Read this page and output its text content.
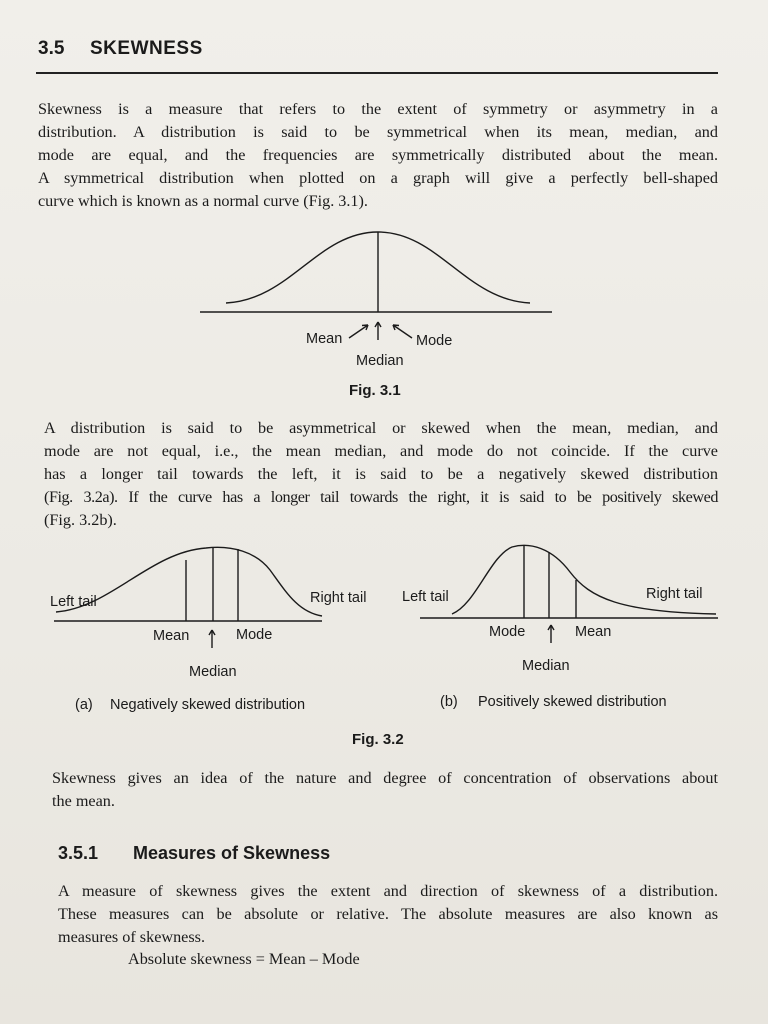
3.5 SKEWNESS
Skewness is a measure that refers to the extent of symmetry or asymmetry in a
distribution. A distribution is said to be symmetrical when its mean, median, and
mode are equal, and the frequencies are symmetrically distributed about the mean.
A symmetrical distribution when plotted on a graph will give a perfectly bell-shaped
curve which is known as a normal curve (Fig. 3.1).
Mean	Mode
Median
Fig. 3.1
A distribution is said to be asymmetrical or skewed when the mean, median, and
mode are not equal, i.e., the mean median, and mode do not coincide. If the curve
has a longer tail towards the left, it is said to be a negatively skewed distribution
(Fig. 3.2a). If the curve has a longer tail towards the right, it is said to be positively skewed
(Fig. 3.2b).
Left tail	Right tail
Mean	Mode
Median
(a) Negatively skewed distribution
Left tail	Right tail
Mode	Mean
Median
(b) Positively skewed distribution
Fig. 3.2
Skewness gives an idea of the nature and degree of concentration of observations about
the mean.
3.5.1 Measures of Skewness
A measure of skewness gives the extent and direction of skewness of a distribution.
These measures can be absolute or relative. The absolute measures are also known as
measures of skewness.
Absolute skewness = Mean – Mode
